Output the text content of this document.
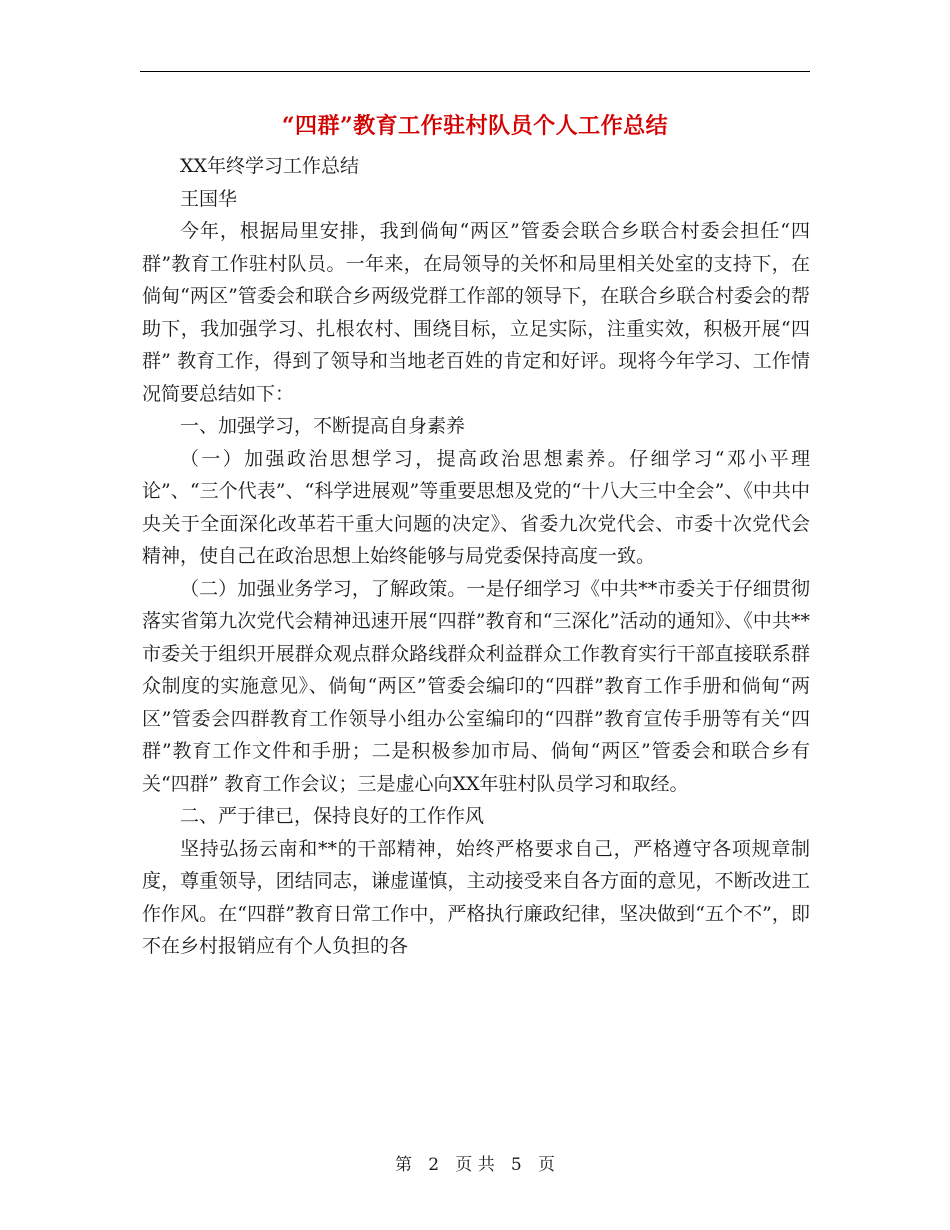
“四群”教育工作驻村队员个人工作总结

XX年终学习工作总结

王国华

今年，根据局里安排，我到倘甸“两区”管委会联合乡联合村委会担任“四群”教育工作驻村队员。一年来，在局领导的关怀和局里相关处室的支持下，在倘甸“两区”管委会和联合乡两级党群工作部的领导下，在联合乡联合村委会的帮助下，我加强学习、扎根农村、围绕目标，立足实际，注重实效，积极开展“四群” 教育工作，得到了领导和当地老百姓的肯定和好评。现将今年学习、工作情况简要总结如下：

一、加强学习，不断提高自身素养

（一）加强政治思想学习，提高政治思想素养。仔细学习“邓小平理论”、“三个代表”、“科学进展观”等重要思想及党的“十八大三中全会”、《中共中央关于全面深化改革若干重大问题的决定》、省委九次党代会、市委十次党代会精神，使自己在政治思想上始终能够与局党委保持高度一致。

（二）加强业务学习，了解政策。一是仔细学习《中共**市委关于仔细贯彻落实省第九次党代会精神迅速开展“四群”教育和“三深化”活动的通知》、《中共**市委关于组织开展群众观点群众路线群众利益群众工作教育实行干部直接联系群众制度的实施意见》、倘甸“两区”管委会编印的“四群”教育工作手册和倘甸“两区”管委会四群教育工作领导小组办公室编印的“四群”教育宣传手册等有关“四群”教育工作文件和手册；二是积极参加市局、倘甸“两区”管委会和联合乡有关“四群” 教育工作会议；三是虚心向XX年驻村队员学习和取经。

二、严于律已，保持良好的工作作风

坚持弘扬云南和**的干部精神，始终严格要求自己，严格遵守各项规章制度，尊重领导，团结同志，谦虚谨慎，主动接受来自各方面的意见，不断改进工作作风。在“四群”教育日常工作中，严格执行廉政纪律，坚决做到“五个不”，即不在乡村报销应有个人负担的各

第 2 页 共 5 页
